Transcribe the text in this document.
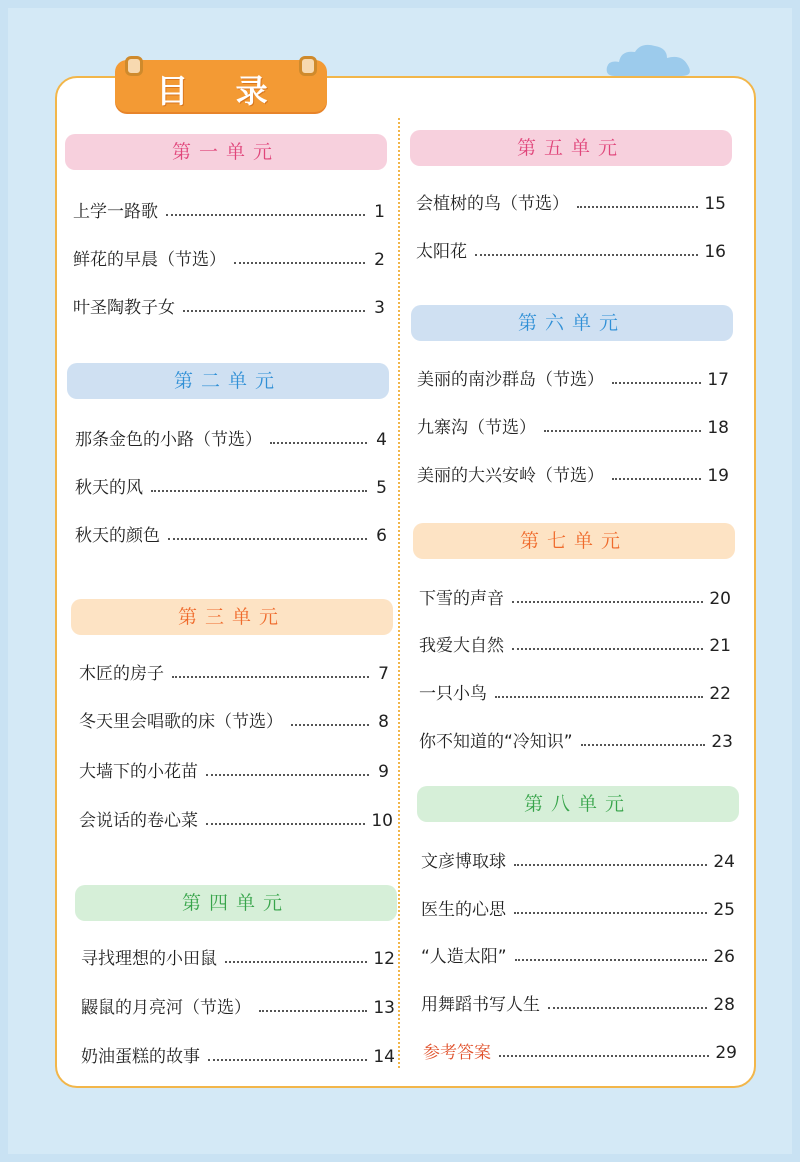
目 录
第一单元
上学一路歌	1
鲜花的早晨（节选）	2
叶圣陶教子女	3
第二单元
那条金色的小路（节选）	4
秋天的风	5
秋天的颜色	6
第三单元
木匠的房子	7
冬天里会唱歌的床（节选）	8
大墙下的小花苗	9
会说话的卷心菜	10
第四单元
寻找理想的小田鼠	12
鼹鼠的月亮河（节选）	13
奶油蛋糕的故事	14
第五单元
会植树的鸟（节选）	15
太阳花	16
第六单元
美丽的南沙群岛（节选）	17
九寨沟（节选）	18
美丽的大兴安岭（节选）	19
第七单元
下雪的声音	20
我爱大自然	21
一只小鸟	22
你不知道的“冷知识”	23
第八单元
文彦博取球	24
医生的心思	25
“人造太阳”	26
用舞蹈书写人生	28
参考答案	29
